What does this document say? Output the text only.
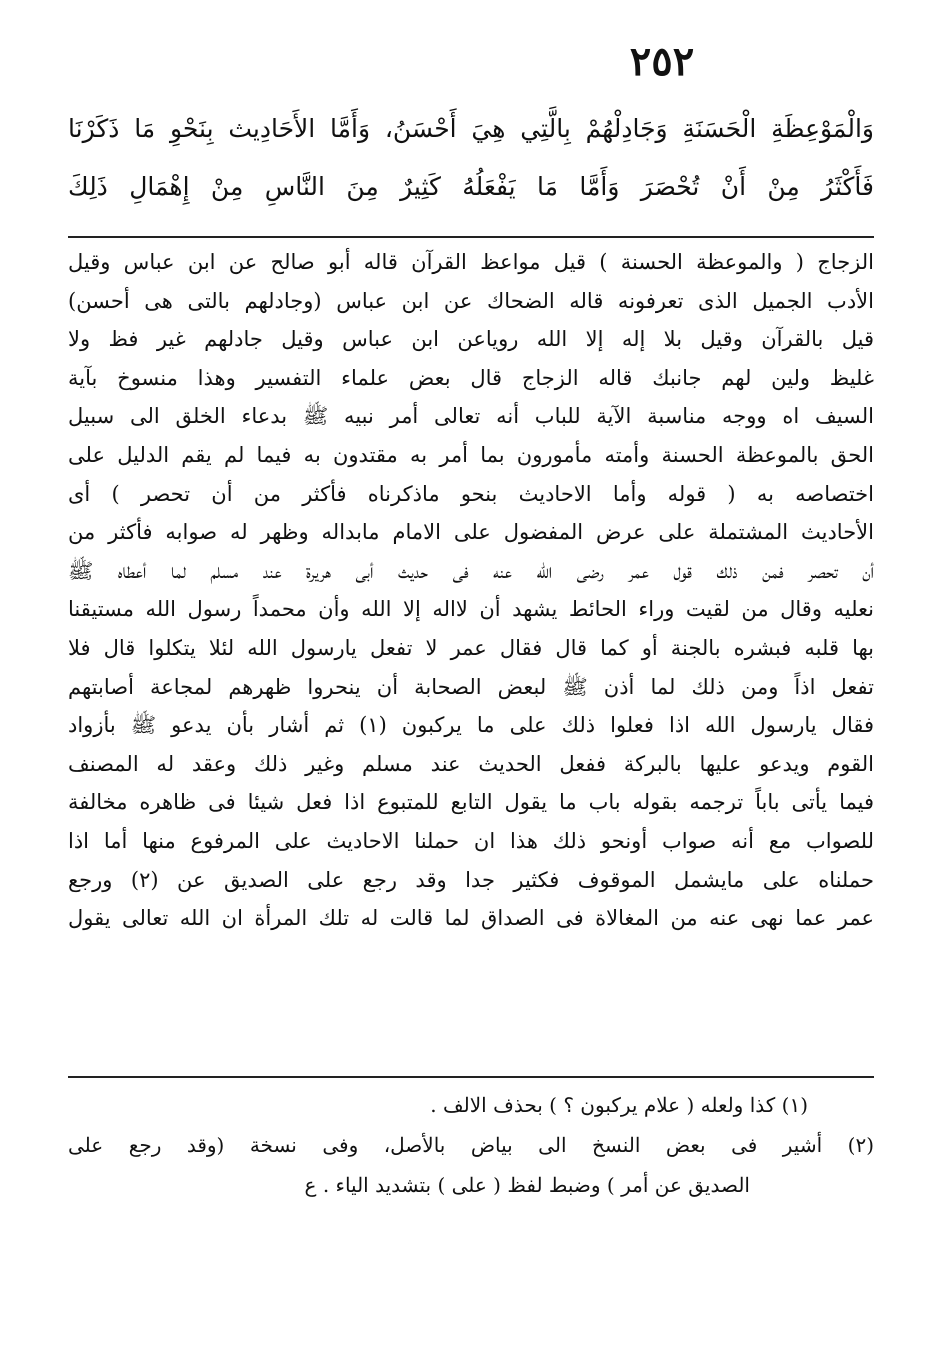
٢٥٢
وَالْمَوْعِظَةِ الْحَسَنَةِ وَجَادِلْهُمْ بِالَّتِي هِيَ أَحْسَنُ، وَأَمَّا الأَحَادِيث بِنَحْوِ مَا ذَكَرْنَا
فَأَكْثَرُ مِنْ أَنْ تُحْصَرَ وَأَمَّا مَا يَفْعَلُهُ كَثِيرٌ مِنَ النَّاسِ مِنْ إِهْمَالِ ذَلِكَ
الزجاج ( والموعظة الحسنة ) قيل مواعظ القرآن قاله أبو صالح عن ابن عباس وقيل
الأدب الجميل الذى تعرفونه قاله الضحاك عن ابن عباس (وجادلهم بالتى هى أحسن)
قيل بالقرآن وقيل بلا إله إلا الله روياعن ابن عباس وقيل جادلهم غير فظ ولا
غليظ ولين لهم جانبك قاله الزجاج قال بعض علماء التفسير وهذا منسوخ بآية
السيف اه ووجه مناسبة الآية للباب أنه تعالى أمر نبيه ﷺ بدعاء الخلق الى سبيل
الحق بالموعظة الحسنة وأمته مأمورون بما أمر به مقتدون به فيما لم يقم الدليل على
اختصاصه به ( قوله وأما الاحاديث بنحو ماذكرناه فأكثر من أن تحصر ) أى
الأحاديث المشتملة على عرض المفضول على الامام مابداله وظهر له صوابه فأكثر من
أن تحصر فمن ذلك قول عمر رضى الله عنه فى حديث أبى هريرة عند مسلم لما أعطاه ﷺ
نعليه وقال من لقيت وراء الحائط يشهد أن لااله إلا الله وأن محمداً رسول الله مستيقنا
بها قلبه فبشره بالجنة أو كما قال فقال عمر لا تفعل يارسول الله لئلا يتكلوا قال فلا
تفعل اذاً ومن ذلك لما أذن ﷺ لبعض الصحابة أن ينحروا ظهرهم لمجاعة أصابتهم
فقال يارسول الله اذا فعلوا ذلك على ما يركبون (١) ثم أشار بأن يدعو ﷺ بأزواد
القوم ويدعو عليها بالبركة ففعل الحديث عند مسلم وغير ذلك وعقد له المصنف
فيما يأتى باباً ترجمه بقوله باب ما يقول التابع للمتبوع اذا فعل شيئا فى ظاهره مخالفة
للصواب مع أنه صواب أونحو ذلك هذا ان حملنا الاحاديث على المرفوع منها أما اذا
حملناه على مايشمل الموقوف فكثير جدا وقد رجع على الصديق عن (٢) ورجع
عمر عما نهى عنه من المغالاة فى الصداق لما قالت له تلك المرأة ان الله تعالى يقول
(١) كذا ولعله ( علام يركبون ؟ ) بحذف الالف .
(٢) أشير فى بعض النسخ الى بياض بالأصل، وفى نسخة (وقد رجع على
الصديق عن أمر ) وضبط لفظ ( على ) بتشديد الياء . ع
